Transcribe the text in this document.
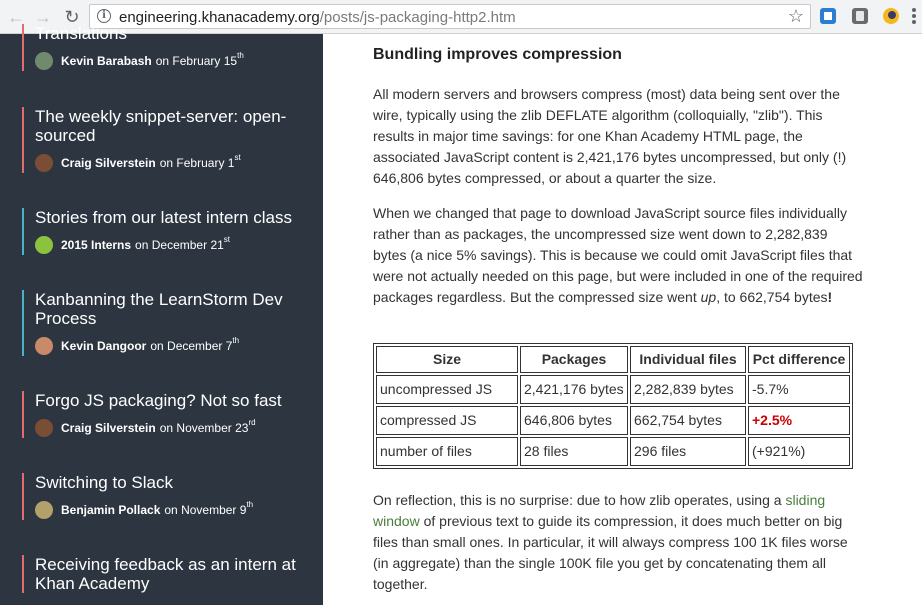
← → ↻	i engineering.khanacademy.org/posts/js-packaging-http2.htm	☆
Translations
Kevin Barabash on
February 15th
The weekly snippet-server: open-sourced
Craig Silverstein on
February 1st
Stories from our latest intern class
2015 Interns on
December 21st
Kanbanning the LearnStorm Dev Process
Kevin Dangoor on
December 7th
Forgo JS packaging? Not so fast
Craig Silverstein on
November 23rd
Switching to Slack
Benjamin Pollack on
November 9th
Receiving feedback as an intern at Khan Academy
Bundling improves compression
All modern servers and browsers compress (most) data being sent over the wire, typically using the zlib DEFLATE algorithm (colloquially, "zlib"). This results in major time savings: for one Khan Academy HTML page, the associated JavaScript content is 2,421,176 bytes uncompressed, but only (!) 646,806 bytes compressed, or about a quarter the size.
When we changed that page to download JavaScript source files individually rather than as packages, the uncompressed size went down to 2,282,839 bytes (a nice 5% savings). This is because we could omit JavaScript files that were not actually needed on this page, but were included in one of the required packages regardless. But the compressed size went up, to 662,754 bytes!
Size	Packages	Individual files	Pct difference
uncompressed JS	2,421,176 bytes	2,282,839 bytes	-5.7%
compressed JS	646,806 bytes	662,754 bytes	+2.5%
number of files	28 files	296 files	(+921%)
On reflection, this is no surprise: due to how zlib operates, using a sliding window of previous text to guide its compression, it does much better on big files than small ones. In particular, it will always compress 100 1K files worse (in aggregate) than the single 100K file you get by concatenating them all together.
